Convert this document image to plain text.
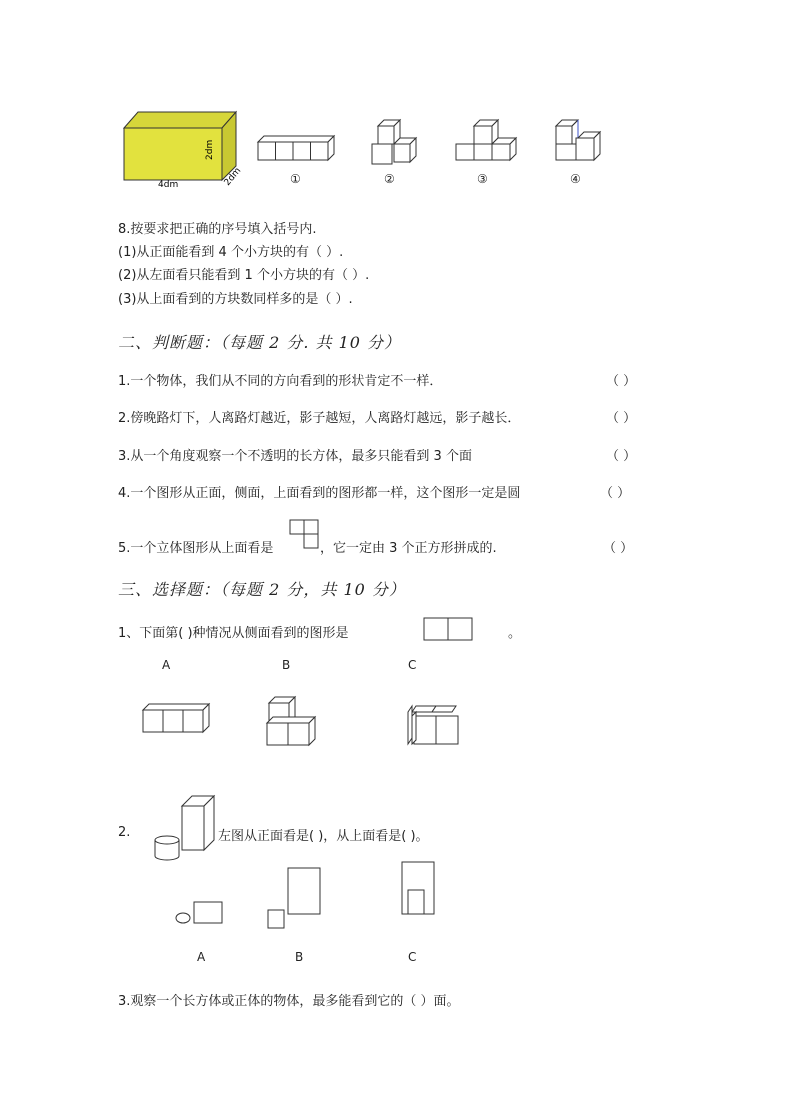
4dm
2dm
2dm	①	②	③	④
8.按要求把正确的序号填入括号内.
(1)从正面能看到 4 个小方块的有（ ）.
(2)从左面看只能看到 1 个小方块的有（ ）.
(3)从上面看到的方块数同样多的是（ ）.
二、判断题：（每题 2 分. 共 10 分）
1.一个物体，我们从不同的方向看到的形状肯定不一样．	（ ）
2.傍晚路灯下，人离路灯越近，影子越短，人离路灯越远，影子越长．	（ ）
3.从一个角度观察一个不透明的长方体，最多只能看到 3 个面	（ ）
4.一个图形从正面，侧面，上面看到的图形都一样，这个图形一定是圆	（ ）
5.一个立体图形从上面看是	，它一定由 3 个正方形拼成的.	（ ）
三、选择题：（每题 2 分，共 10 分）
1、下面第( )种情况从侧面看到的图形是	。
A	B	C
2.	左图从正面看是( )，从上面看是( )。
A	B	C
3.观察一个长方体或正体的物体，最多能看到它的（ ）面。
